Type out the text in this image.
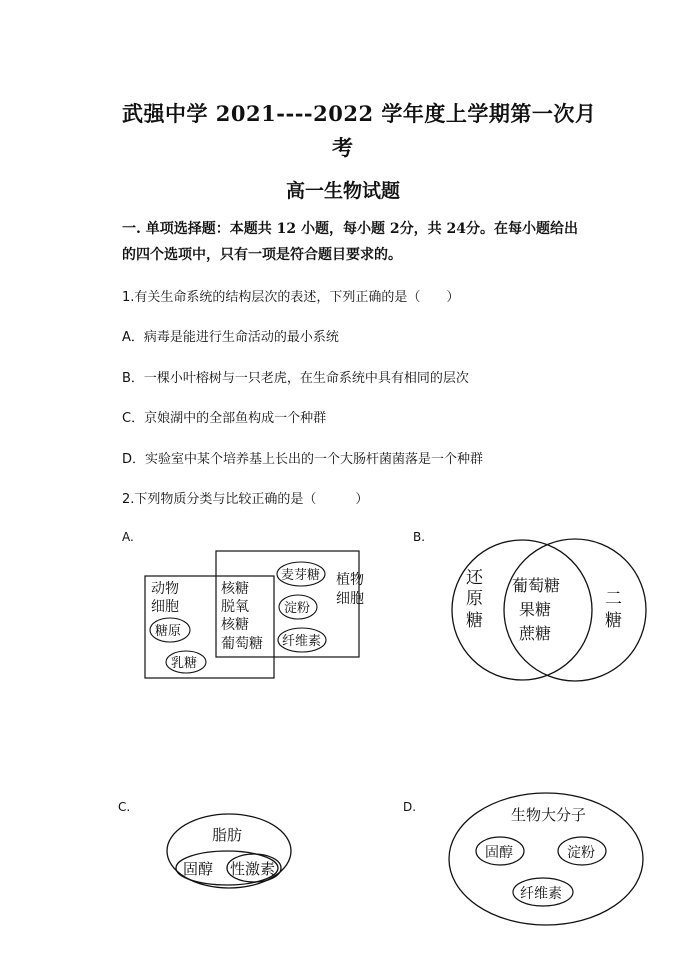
武强中学 2021----2022 学年度上学期第一次月
考
高一生物试题
一. 单项选择题：本题共 12 小题，每小题 2分，共 24分。在每小题给出
的四个选项中，只有一项是符合题目要求的。
1.有关生命系统的结构层次的表述，下列正确的是（　　）
A．病毒是能进行生命活动的最小系统
B．一棵小叶榕树与一只老虎，在生命系统中具有相同的层次
C．京娘湖中的全部鱼构成一个种群
D．实验室中某个培养基上长出的一个大肠杆菌菌落是一个种群
2.下列物质分类与比较正确的是（　　　）
A.	B.
C.	D.
动物
细胞
糖原
乳糖
核糖
脱氧
核糖
葡萄糖
麦芽糖
淀粉
纤维素
植物
细胞
还
原
糖
二
糖
葡萄糖
果糖
蔗糖
脂肪
固醇 性激素
生物大分子
固醇	淀粉
纤维素
